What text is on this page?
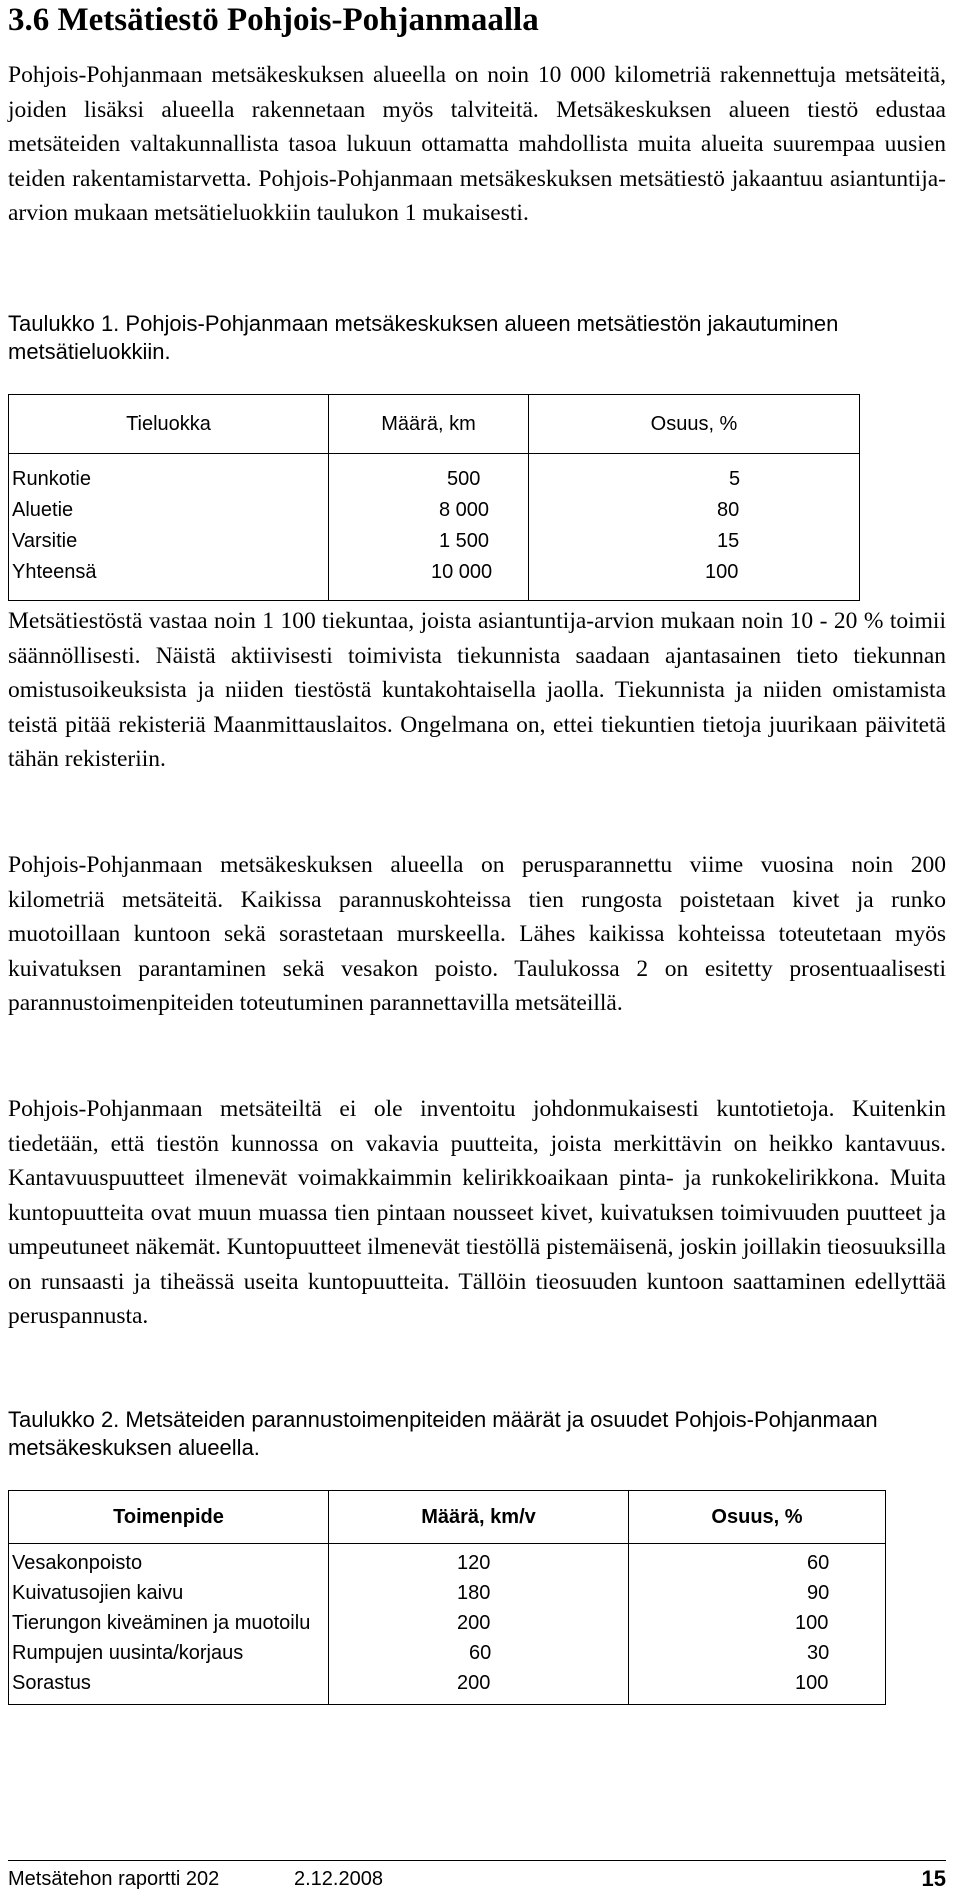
3.6 Metsätiestö Pohjois-Pohjanmaalla

Pohjois-Pohjanmaan metsäkeskuksen alueella on noin 10 000 kilometriä rakennettuja metsäteitä, joiden lisäksi alueella rakennetaan myös talviteitä. Metsäkeskuksen alueen tiestö edustaa metsäteiden valtakunnallista tasoa lukuun ottamatta mahdollista muita alueita suurempaa uusien teiden rakentamistarvetta. Pohjois-Pohjanmaan metsäkeskuksen metsätiestö jakaantuu asiantuntija-arvion mukaan metsätieluokkiin taulukon 1 mukaisesti.

Taulukko 1. Pohjois-Pohjanmaan metsäkeskuksen alueen metsätiestön jakautuminen metsätieluokkiin.

Tieluokka	Määrä, km	Osuus, %
Runkotie	500	5
Aluetie	8 000	80
Varsitie	1 500	15
Yhteensä	10 000	100

Metsätiestöstä vastaa noin 1 100 tiekuntaa, joista asiantuntija-arvion mukaan noin 10 - 20 % toimii säännöllisesti. Näistä aktiivisesti toimivista tiekunnista saadaan ajantasainen tieto tiekunnan omistusoikeuksista ja niiden tiestöstä kuntakohtaisella jaolla. Tiekunnista ja niiden omistamista teistä pitää rekisteriä Maanmittauslaitos. Ongelmana on, ettei tiekuntien tietoja juurikaan päivitetä tähän rekisteriin.

Pohjois-Pohjanmaan metsäkeskuksen alueella on perusparannettu viime vuosina noin 200 kilometriä metsäteitä. Kaikissa parannuskohteissa tien rungosta poistetaan kivet ja runko muotoillaan kuntoon sekä sorastetaan murskeella. Lähes kaikissa kohteissa toteutetaan myös kuivatuksen parantaminen sekä vesakon poisto. Taulukossa 2 on esitetty prosentuaalisesti parannustoimenpiteiden toteutuminen parannettavilla metsäteillä.

Pohjois-Pohjanmaan metsäteiltä ei ole inventoitu johdonmukaisesti kuntotietoja. Kuitenkin tiedetään, että tiestön kunnossa on vakavia puutteita, joista merkittävin on heikko kantavuus. Kantavuuspuutteet ilmenevät voimakkaimmin kelirikkoaikaan pinta- ja runkokelirikkona. Muita kuntopuutteita ovat muun muassa tien pintaan nousseet kivet, kuivatuksen toimivuuden puutteet ja umpeutuneet näkemät. Kuntopuutteet ilmenevät tiestöllä pistemäisenä, joskin joillakin tieosuuksilla on runsaasti ja tiheässä useita kuntopuutteita. Tällöin tieosuuden kuntoon saattaminen edellyttää peruspannusta.

Taulukko 2. Metsäteiden parannustoimenpiteiden määrät ja osuudet Pohjois-Pohjanmaan metsäkeskuksen alueella.

Toimenpide	Määrä, km/v	Osuus, %
Vesakonpoisto	120	60
Kuivatusojien kaivu	180	90
Tierungon kiveäminen ja muotoilu	200	100
Rumpujen uusinta/korjaus	60	30
Sorastus	200	100
Metsätehon raportti 202	2.12.2008	15
